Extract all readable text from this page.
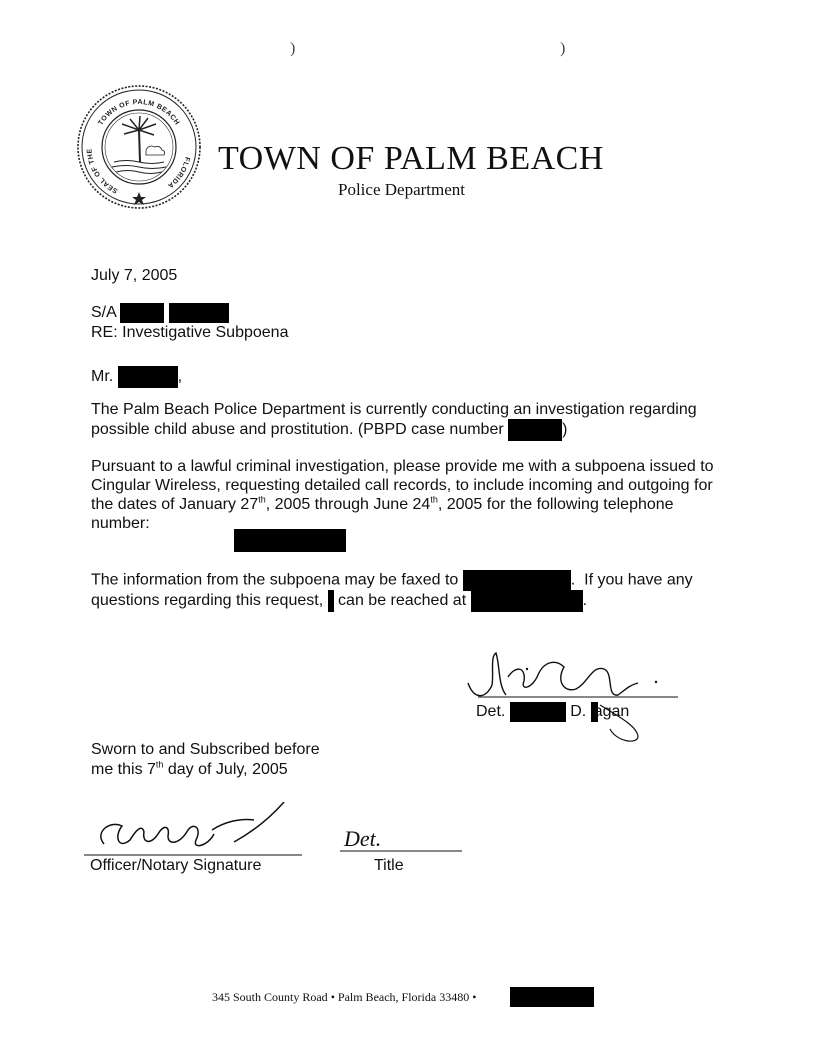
)	)
TOWN OF PALM BEACH
SEAL OF THE
FLORIDA
TOWN OF PALM BEACH
Police Department
July 7, 2005
S/A
RE: Investigative Subpoena
Mr.	,
The Palm Beach Police Department is currently conducting an investigation regarding
possible child abuse and prostitution. (PBPD case number	)
Pursuant to a lawful criminal investigation, please provide me with a subpoena issued to
Cingular Wireless, requesting detailed call records, to include incoming and outgoing for
the dates of January 27th, 2005 through June 24th, 2005 for the following telephone
number:
The information from the subpoena may be faxed to	. If you have any
questions regarding this request, can be reached at	.
Det.	D. agan
Sworn to and Subscribed before
me this 7th day of July, 2005
Officer/Notary Signature
Det.
Title
345 South County Road • Palm Beach, Florida 33480 •
